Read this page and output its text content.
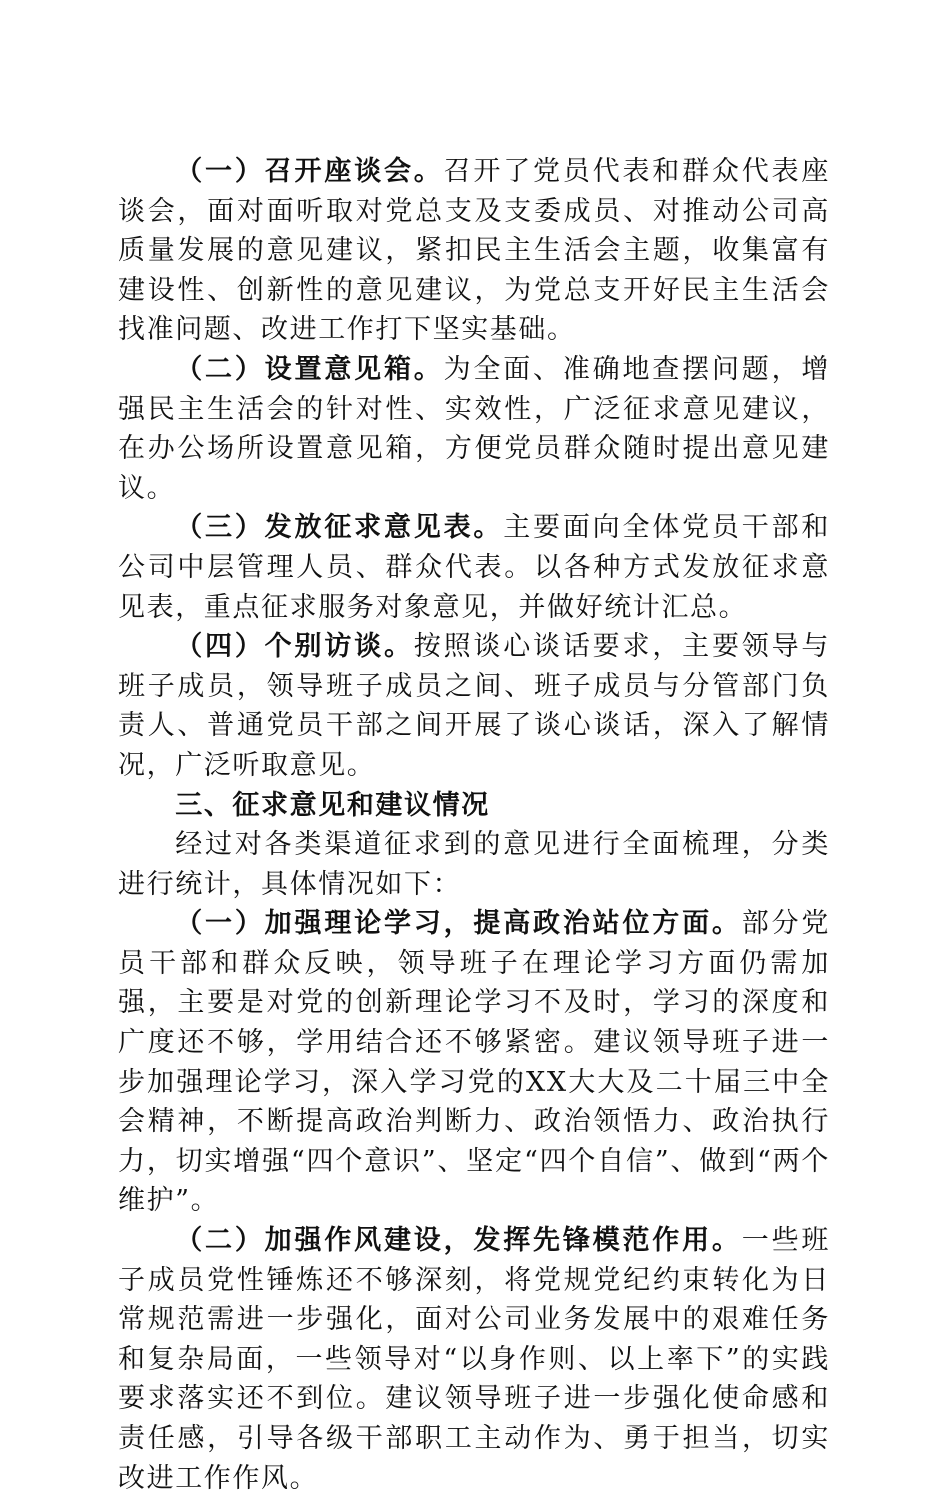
（一）召开座谈会。召开了党员代表和群众代表座谈会，面对面听取对党总支及支委成员、对推动公司高质量发展的意见建议，紧扣民主生活会主题，收集富有建设性、创新性的意见建议，为党总支开好民主生活会找准问题、改进工作打下坚实基础。

（二）设置意见箱。为全面、准确地查摆问题，增强民主生活会的针对性、实效性，广泛征求意见建议，在办公场所设置意见箱，方便党员群众随时提出意见建议。

（三）发放征求意见表。主要面向全体党员干部和公司中层管理人员、群众代表。以各种方式发放征求意见表，重点征求服务对象意见，并做好统计汇总。

（四）个别访谈。按照谈心谈话要求，主要领导与班子成员，领导班子成员之间、班子成员与分管部门负责人、普通党员干部之间开展了谈心谈话，深入了解情况，广泛听取意见。

三、征求意见和建议情况

经过对各类渠道征求到的意见进行全面梳理，分类进行统计，具体情况如下：

（一）加强理论学习，提高政治站位方面。部分党员干部和群众反映，领导班子在理论学习方面仍需加强，主要是对党的创新理论学习不及时，学习的深度和广度还不够，学用结合还不够紧密。建议领导班子进一步加强理论学习，深入学习党的XX大大及二十届三中全会精神，不断提高政治判断力、政治领悟力、政治执行力，切实增强“四个意识”、坚定“四个自信”、做到“两个维护”。

（二）加强作风建设，发挥先锋模范作用。一些班子成员党性锤炼还不够深刻，将党规党纪约束转化为日常规范需进一步强化，面对公司业务发展中的艰难任务和复杂局面，一些领导对“以身作则、以上率下”的实践要求落实还不到位。建议领导班子进一步强化使命感和责任感，引导各级干部职工主动作为、勇于担当，切实改进工作作风。
